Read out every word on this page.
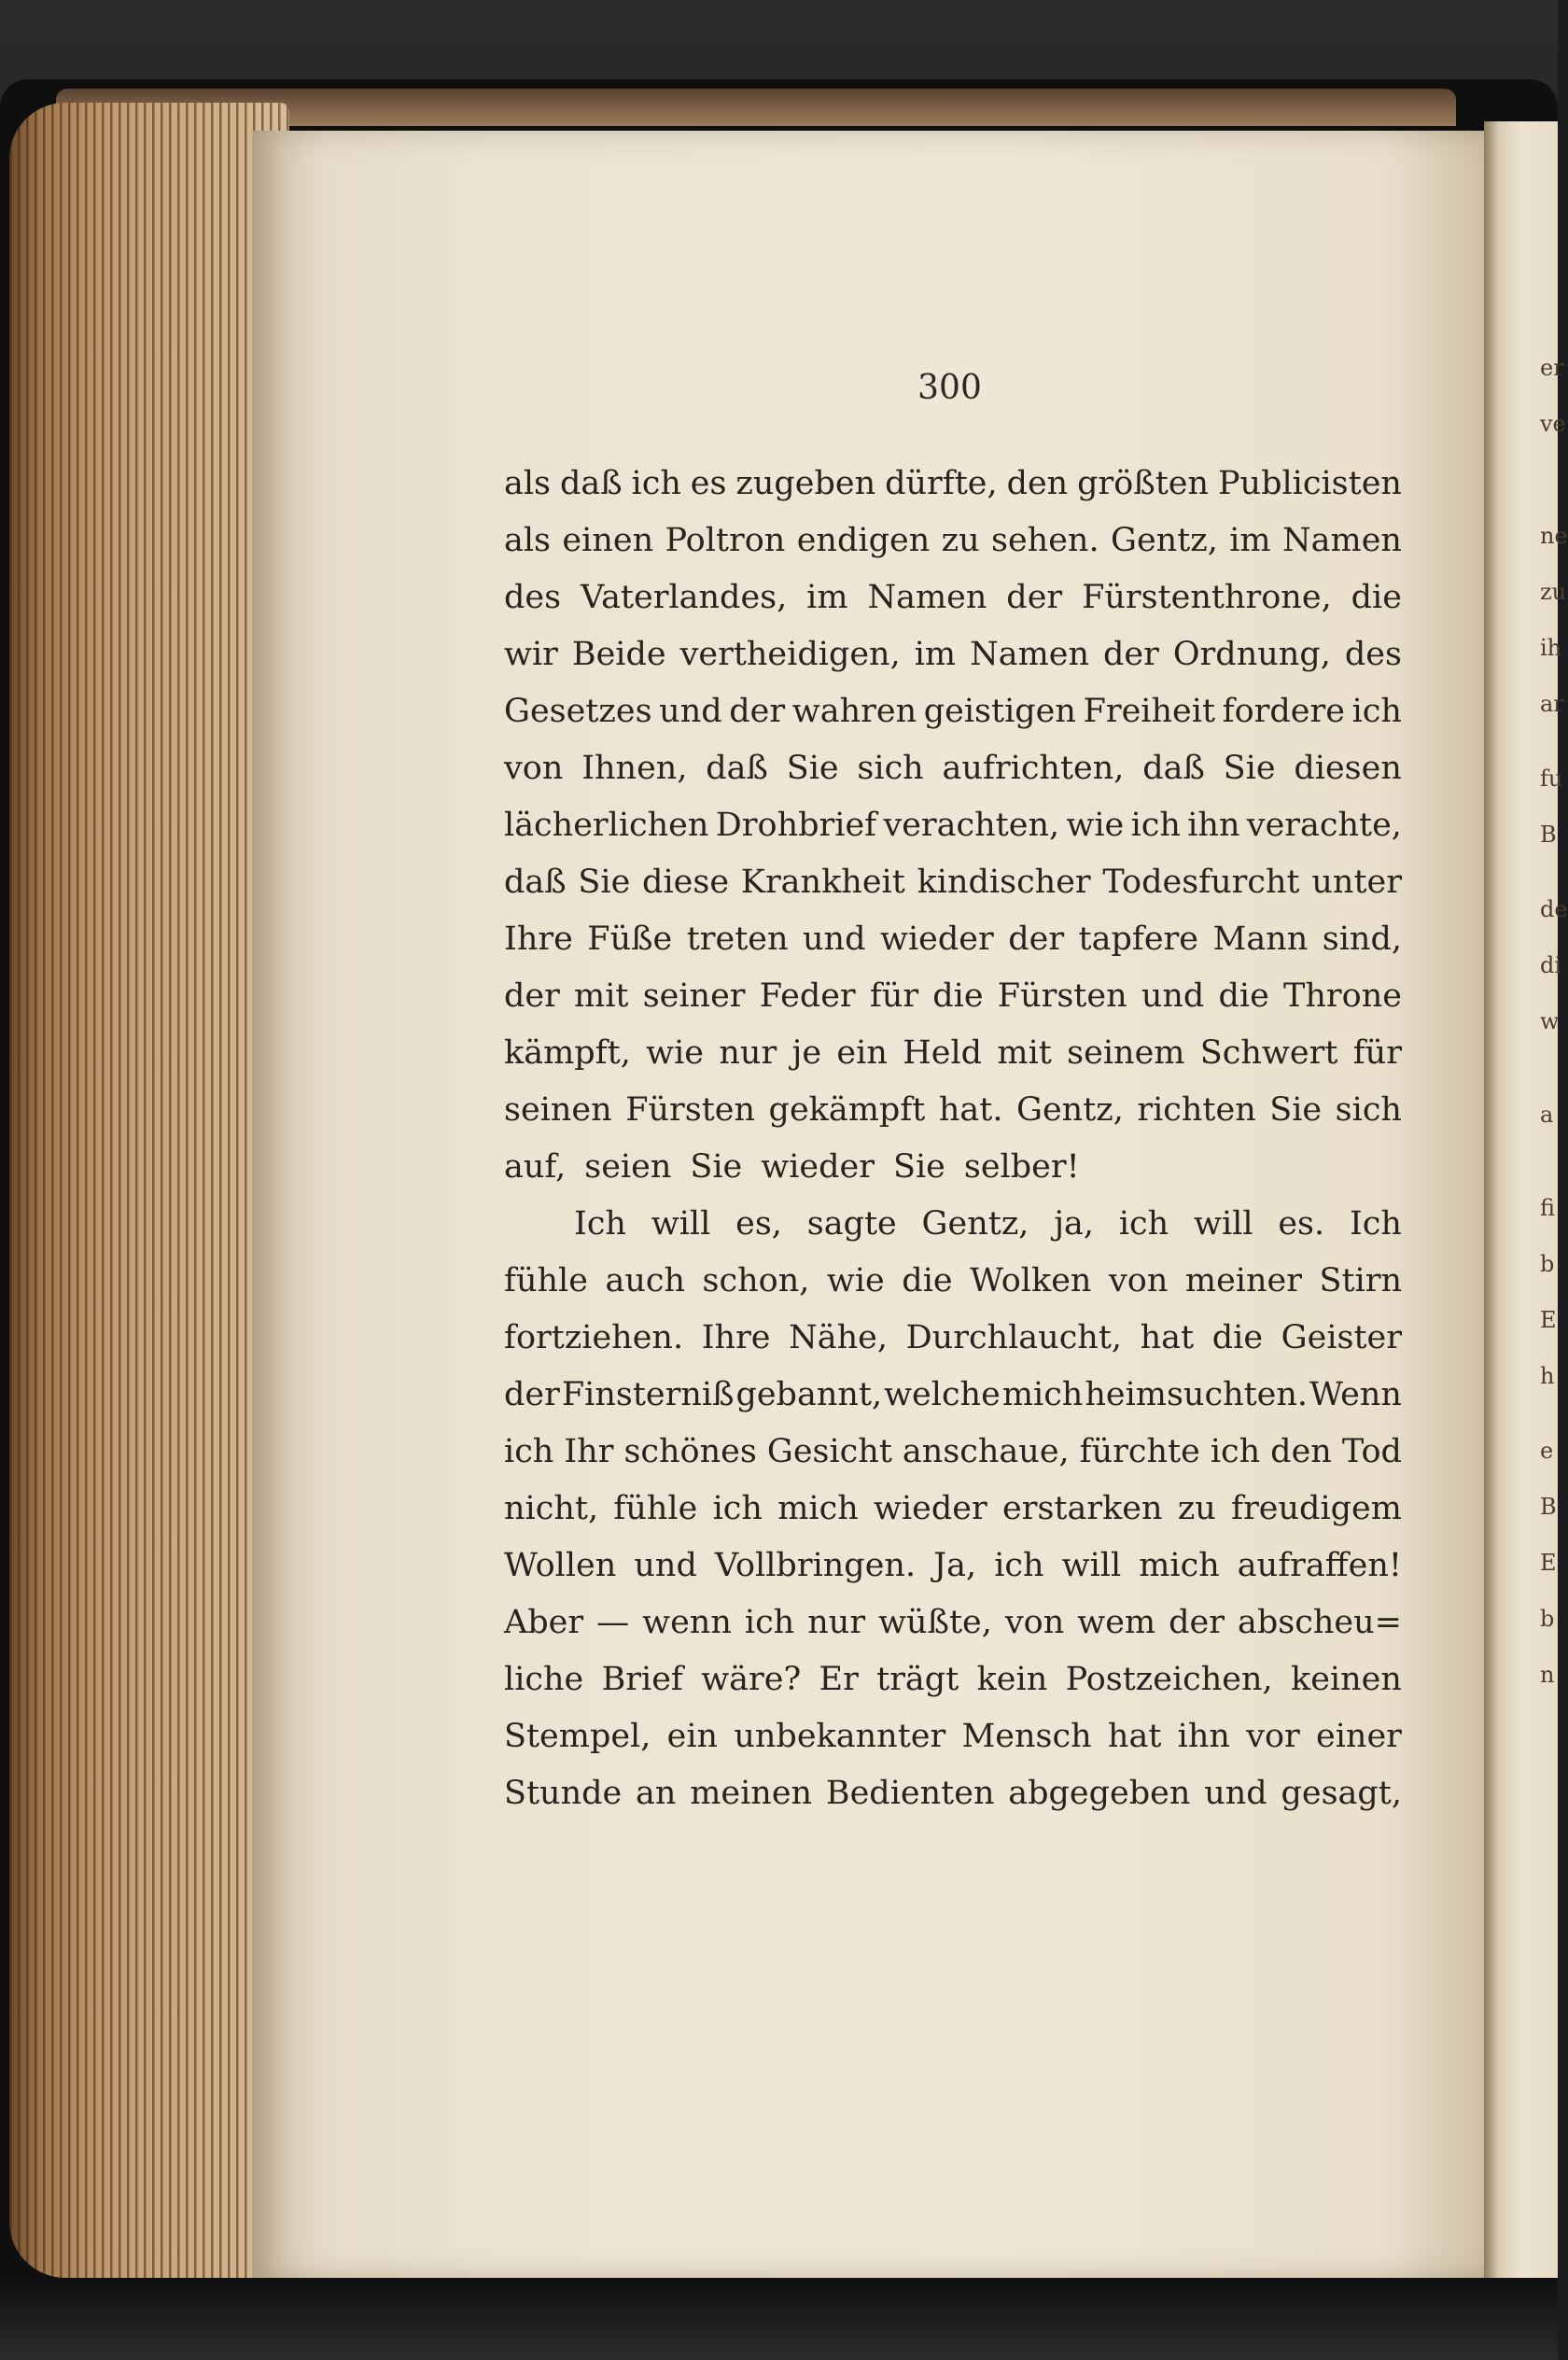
er
ve
ne
zu
ih
ar
fu
B
de
di
w
a
fi
b
E
h
e
B
E
b
n
300
als daß ich es zugeben dürfte, den größten Publicisten
als einen Poltron endigen zu sehen. Gentz, im Namen
des Vaterlandes, im Namen der Fürstenthrone, die
wir Beide vertheidigen, im Namen der Ordnung, des
Gesetzes und der wahren geistigen Freiheit fordere ich
von Ihnen, daß Sie sich aufrichten, daß Sie diesen
lächerlichen Drohbrief verachten, wie ich ihn verachte,
daß Sie diese Krankheit kindischer Todesfurcht unter
Ihre Füße treten und wieder der tapfere Mann sind,
der mit seiner Feder für die Fürsten und die Throne
kämpft, wie nur je ein Held mit seinem Schwert für
seinen Fürsten gekämpft hat. Gentz, richten Sie sich
auf, seien Sie wieder Sie selber!
Ich will es, sagte Gentz, ja, ich will es. Ich
fühle auch schon, wie die Wolken von meiner Stirn
fortziehen. Ihre Nähe, Durchlaucht, hat die Geister
der Finsterniß gebannt, welche mich heimsuchten. Wenn
ich Ihr schönes Gesicht anschaue, fürchte ich den Tod
nicht, fühle ich mich wieder erstarken zu freudigem
Wollen und Vollbringen. Ja, ich will mich aufraffen!
Aber — wenn ich nur wüßte, von wem der abscheu=
liche Brief wäre? Er trägt kein Postzeichen, keinen
Stempel, ein unbekannter Mensch hat ihn vor einer
Stunde an meinen Bedienten abgegeben und gesagt,
